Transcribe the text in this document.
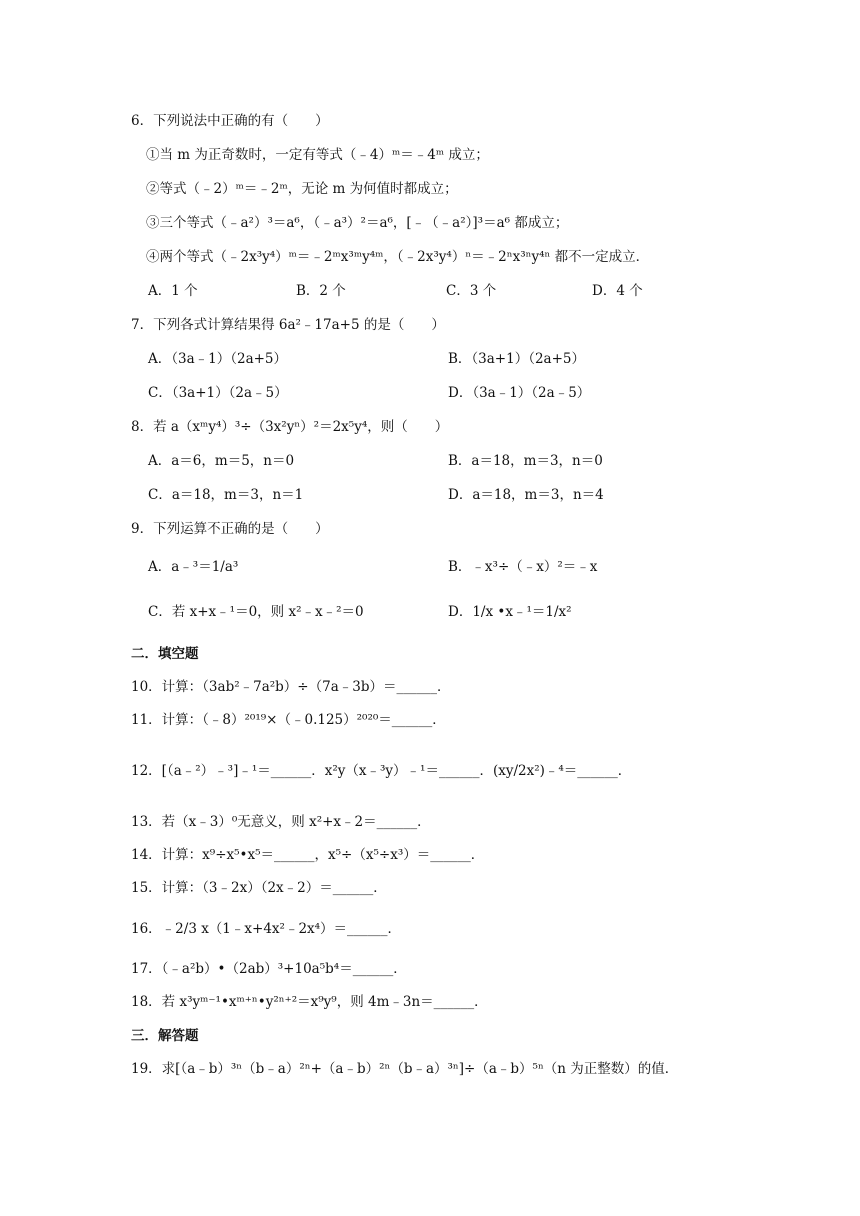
6．下列说法中正确的有（　　）
①当 m 为正奇数时，一定有等式（﹣4）ᵐ＝﹣4ᵐ 成立；
②等式（﹣2）ᵐ＝﹣2ᵐ，无论 m 为何值时都成立；
③三个等式（﹣a²）³＝a⁶，（﹣a³）²＝a⁶，[﹣（﹣a²）]³＝a⁶ 都成立；
④两个等式（﹣2x³y⁴）ᵐ＝﹣2ᵐx³ᵐy⁴ᵐ，（﹣2x³y⁴）ⁿ＝﹣2ⁿx³ⁿy⁴ⁿ 都不一定成立．
A．1 个	B．2 个	C．3 个	D．4 个
7．下列各式计算结果得 6a²﹣17a+5 的是（　　）
A．（3a﹣1）（2a+5）	B．（3a+1）（2a+5）
C．（3a+1）（2a﹣5）	D．（3a﹣1）（2a﹣5）
8．若 a（xᵐy⁴）³÷（3x²yⁿ）²＝2x⁵y⁴，则（　　）
A．a＝6，m＝5，n＝0	B．a＝18，m＝3，n＝0
C．a＝18，m＝3，n＝1	D．a＝18，m＝3，n＝4
9．下列运算不正确的是（　　）
A．a﹣³＝1/a³	B．﹣x³÷（﹣x）²＝﹣x
C．若 x+x﹣¹＝0，则 x²﹣x﹣²＝0	D．1/x •x﹣¹＝1/x²
二．填空题
10．计算：（3ab²﹣7a²b）÷（7a﹣3b）＝______．
11．计算：（﹣8）²⁰¹⁹×（﹣0.125）²⁰²⁰＝______．
12．[（a﹣²）﹣³]﹣¹＝______．x²y（x﹣³y）﹣¹＝______．(xy/2x²)﹣⁴＝______．
13．若（x﹣3）⁰无意义，则 x²+x﹣2＝______．
14．计算：x⁹÷x⁵•x⁵＝______，x⁵÷（x⁵÷x³）＝______．
15．计算：（3﹣2x）（2x﹣2）＝______．
16．﹣2/3 x（1﹣x+4x²﹣2x⁴）＝______．
17．（﹣a²b）•（2ab）³+10a⁵b⁴＝______．
18．若 x³yᵐ⁻¹•xᵐ⁺ⁿ•y²ⁿ⁺²＝x⁹y⁹，则 4m﹣3n＝______．
三．解答题
19．求[（a﹣b）³ⁿ（b﹣a）²ⁿ+（a﹣b）²ⁿ（b﹣a）³ⁿ]÷（a﹣b）⁵ⁿ（n 为正整数）的值．
